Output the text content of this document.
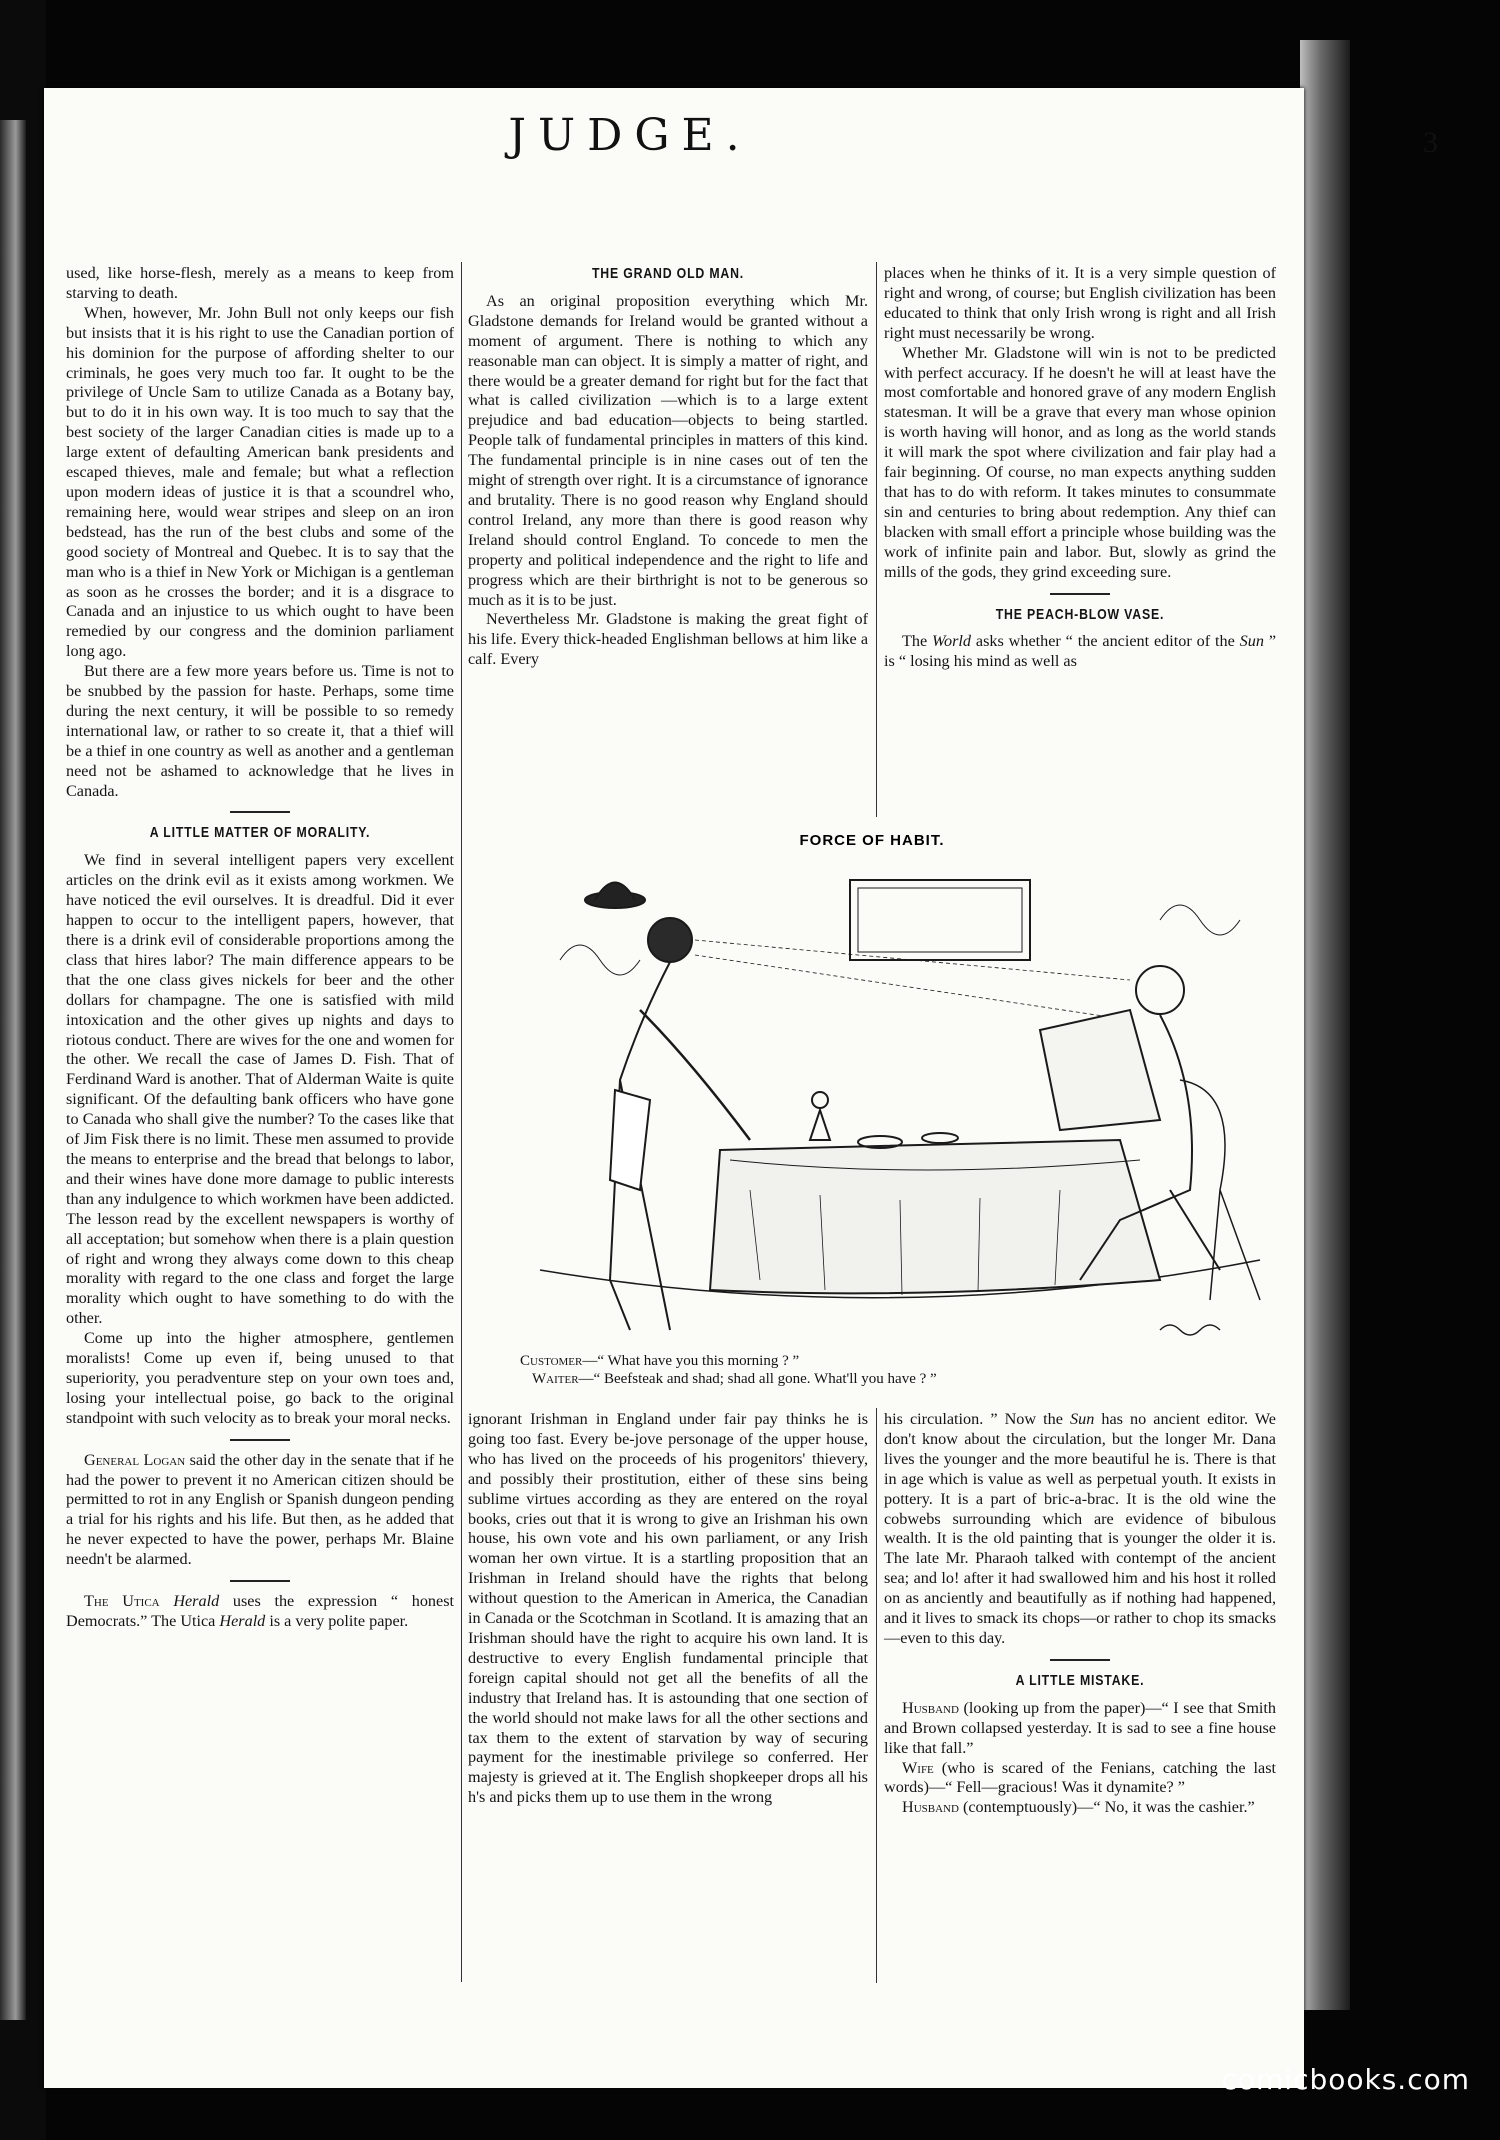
JUDGE.	3

used, like horse-flesh, merely as a means to keep from starving to death.

When, however, Mr. John Bull not only keeps our fish but insists that it is his right to use the Canadian portion of his dominion for the purpose of affording shelter to our criminals, he goes very much too far. It ought to be the privilege of Uncle Sam to utilize Canada as a Botany bay, but to do it in his own way. It is too much to say that the best society of the larger Canadian cities is made up to a large extent of defaulting American bank presidents and escaped thieves, male and female; but what a reflection upon modern ideas of justice it is that a scoundrel who, remaining here, would wear stripes and sleep on an iron bedstead, has the run of the best clubs and some of the good society of Montreal and Quebec. It is to say that the man who is a thief in New York or Michigan is a gentleman as soon as he crosses the border; and it is a disgrace to Canada and an injustice to us which ought to have been remedied by our congress and the dominion parliament long ago.

But there are a few more years before us. Time is not to be snubbed by the passion for haste. Perhaps, some time during the next century, it will be possible to so remedy international law, or rather to so create it, that a thief will be a thief in one country as well as another and a gentleman need not be ashamed to acknowledge that he lives in Canada.

A LITTLE MATTER OF MORALITY.

We find in several intelligent papers very excellent articles on the drink evil as it exists among workmen. We have noticed the evil ourselves. It is dreadful. Did it ever happen to occur to the intelligent papers, however, that there is a drink evil of considerable proportions among the class that hires labor? The main difference appears to be that the one class gives nickels for beer and the other dollars for champagne. The one is satisfied with mild intoxication and the other gives up nights and days to riotous conduct. There are wives for the one and women for the other. We recall the case of James D. Fish. That of Ferdinand Ward is another. That of Alderman Waite is quite significant. Of the defaulting bank officers who have gone to Canada who shall give the number? To the cases like that of Jim Fisk there is no limit. These men assumed to provide the means to enterprise and the bread that belongs to labor, and their wines have done more damage to public interests than any indulgence to which workmen have been addicted. The lesson read by the excellent newspapers is worthy of all acceptation; but somehow when there is a plain question of right and wrong they always come down to this cheap morality with regard to the one class and forget the large morality which ought to have something to do with the other.

Come up into the higher atmosphere, gentlemen moralists! Come up even if, being unused to that superiority, you peradventure step on your own toes and, losing your intellectual poise, go back to the original standpoint with such velocity as to break your moral necks.

General Logan said the other day in the senate that if he had the power to prevent it no American citizen should be permitted to rot in any English or Spanish dungeon pending a trial for his rights and his life. But then, as he added that he never expected to have the power, perhaps Mr. Blaine needn't be alarmed.

The Utica Herald uses the expression “ honest Democrats.” The Utica Herald is a very polite paper.

THE GRAND OLD MAN.

As an original proposition everything which Mr. Gladstone demands for Ireland would be granted without a moment of argument. There is nothing to which any reasonable man can object. It is simply a matter of right, and there would be a greater demand for right but for the fact that what is called civilization —which is to a large extent prejudice and bad education—objects to being startled. People talk of fundamental principles in matters of this kind. The fundamental principle is in nine cases out of ten the might of strength over right. It is a circumstance of ignorance and brutality. There is no good reason why England should control Ireland, any more than there is good reason why Ireland should control England. To concede to men the property and political independence and the right to life and progress which are their birthright is not to be generous so much as it is to be just.

Nevertheless Mr. Gladstone is making the great fight of his life. Every thick-headed Englishman bellows at him like a calf. Every

places when he thinks of it. It is a very simple question of right and wrong, of course; but English civilization has been educated to think that only Irish wrong is right and all Irish right must necessarily be wrong.

Whether Mr. Gladstone will win is not to be predicted with perfect accuracy. If he doesn't he will at least have the most comfortable and honored grave of any modern English statesman. It will be a grave that every man whose opinion is worth having will honor, and as long as the world stands it will mark the spot where civilization and fair play had a fair beginning. Of course, no man expects anything sudden that has to do with reform. It takes minutes to consummate sin and centuries to bring about redemption. Any thief can blacken with small effort a principle whose building was the work of infinite pain and labor. But, slowly as grind the mills of the gods, they grind exceeding sure.

THE PEACH-BLOW VASE.

The World asks whether “ the ancient editor of the Sun ” is “ losing his mind as well as

FORCE OF HABIT.
Customer—“ What have you this morning ? ”
Waiter—“ Beefsteak and shad; shad all gone. What'll you have ? ”

ignorant Irishman in England under fair pay thinks he is going too fast. Every be-jove personage of the upper house, who has lived on the proceeds of his progenitors' thievery, and possibly their prostitution, either of these sins being sublime virtues according as they are entered on the royal books, cries out that it is wrong to give an Irishman his own house, his own vote and his own parliament, or any Irish woman her own virtue. It is a startling proposition that an Irishman in Ireland should have the rights that belong without question to the American in America, the Canadian in Canada or the Scotchman in Scotland. It is amazing that an Irishman should have the right to acquire his own land. It is destructive to every English fundamental principle that foreign capital should not get all the benefits of all the industry that Ireland has. It is astounding that one section of the world should not make laws for all the other sections and tax them to the extent of starvation by way of securing payment for the inestimable privilege so conferred. Her majesty is grieved at it. The English shopkeeper drops all his h's and picks them up to use them in the wrong

his circulation. ” Now the Sun has no ancient editor. We don't know about the circulation, but the longer Mr. Dana lives the younger and the more beautiful he is. There is that in age which is value as well as perpetual youth. It exists in pottery. It is a part of bric-a-brac. It is the old wine the cobwebs surrounding which are evidence of bibulous wealth. It is the old painting that is younger the older it is. The late Mr. Pharaoh talked with contempt of the ancient sea; and lo! after it had swallowed him and his host it rolled on as anciently and beautifully as if nothing had happened, and it lives to smack its chops—or rather to chop its smacks—even to this day.

A LITTLE MISTAKE.

Husband (looking up from the paper)—“ I see that Smith and Brown collapsed yesterday. It is sad to see a fine house like that fall.”

Wife (who is scared of the Fenians, catching the last words)—“ Fell—gracious! Was it dynamite? ”

Husband (contemptuously)—“ No, it was the cashier.”

comicbooks.com
